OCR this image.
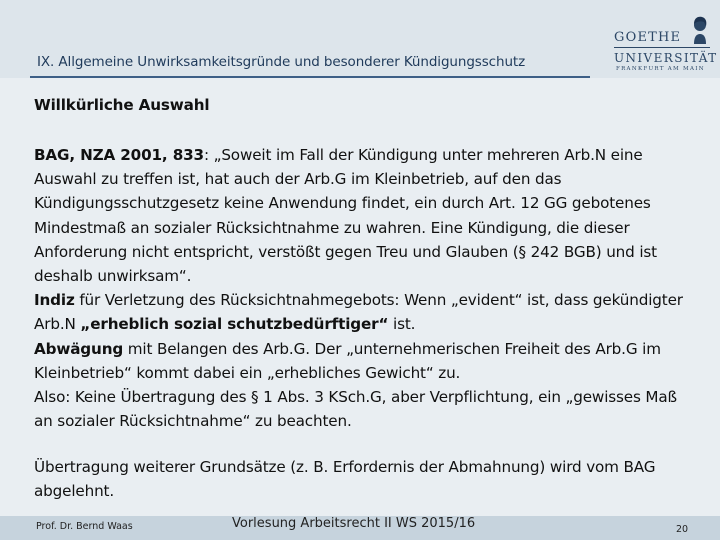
IX. Allgemeine Unwirksamkeitsgründe und besonderer Kündigungsschutz
GOETHE
UNIVERSITÄT
FRANKFURT AM MAIN
Willkürliche Auswahl

BAG, NZA 2001, 833: „Soweit im Fall der Kündigung unter mehreren Arb.N eine Auswahl zu treffen ist, hat auch der Arb.G im Kleinbetrieb, auf den das Kündigungsschutzgesetz keine Anwendung findet, ein durch Art. 12 GG gebotenes Mindestmaß an sozialer Rücksichtnahme zu wahren. Eine Kündigung, die dieser Anforderung nicht entspricht, verstößt gegen Treu und Glauben (§ 242 BGB) und ist deshalb unwirksam“.

Indiz für Verletzung des Rücksichtnahmegebots: Wenn „evident“ ist, dass gekündigter Arb.N „erheblich sozial schutzbedürftiger“ ist.

Abwägung mit Belangen des Arb.G. Der „unternehmerischen Freiheit des Arb.G im Kleinbetrieb“ kommt dabei ein „erhebliches Gewicht“ zu.

Also: Keine Übertragung des § 1 Abs. 3 KSch.G, aber Verpflichtung, ein „gewisses Maß an sozialer Rücksichtnahme“ zu beachten.

Übertragung weiterer Grundsätze (z. B. Erfordernis der Abmahnung) wird vom BAG abgelehnt.
Prof. Dr. Bernd Waas	Vorlesung Arbeitsrecht II WS 2015/16	20
